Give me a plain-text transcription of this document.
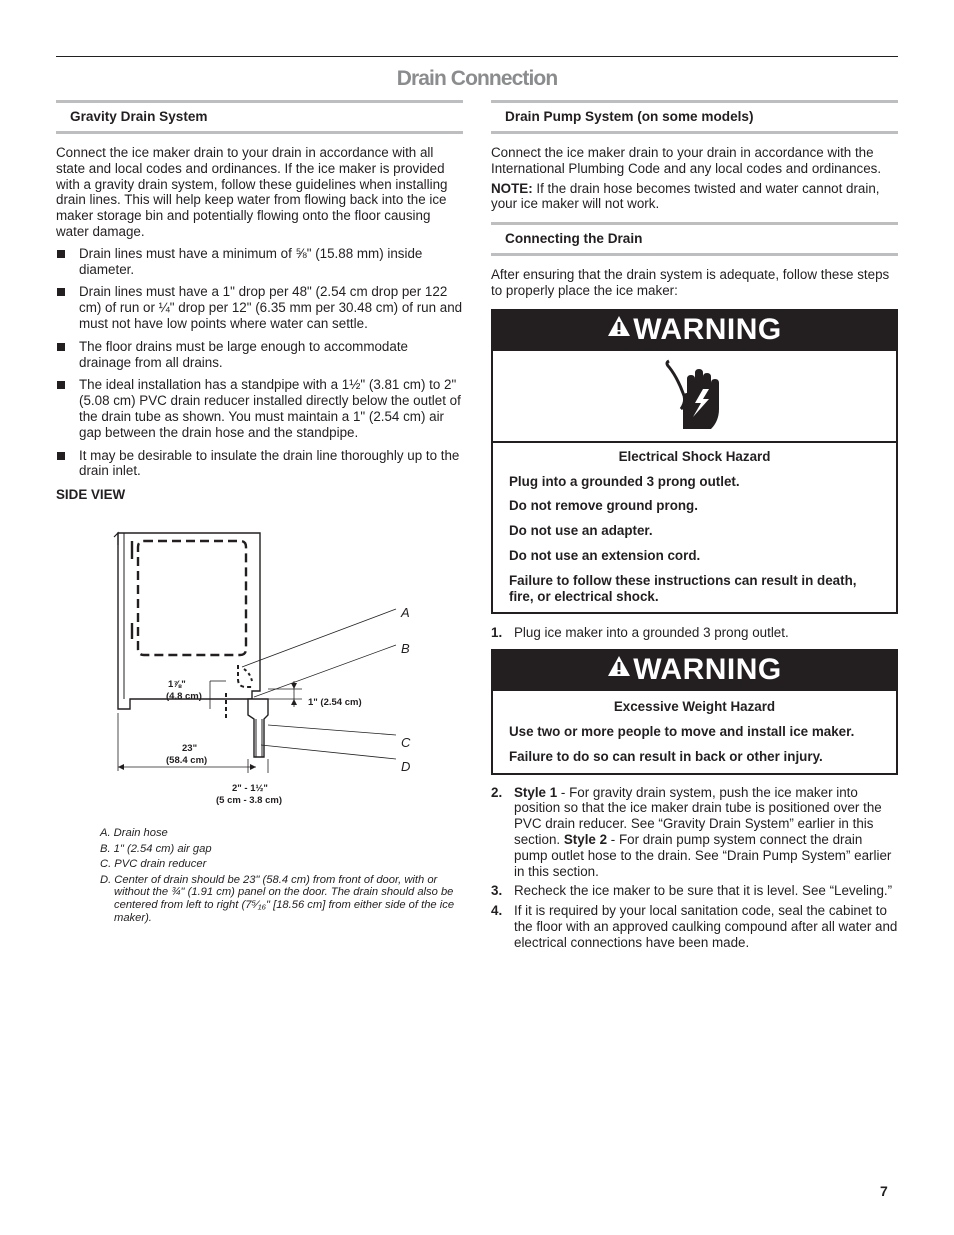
Drain Connection
Gravity Drain System

Connect the ice maker drain to your drain in accordance with all state and local codes and ordinances. If the ice maker is provided with a gravity drain system, follow these guidelines when installing drain lines. This will help keep water from flowing back into the ice maker storage bin and potentially flowing onto the floor causing water damage.

Drain lines must have a minimum of ⅝" (15.88 mm) inside diameter.
Drain lines must have a 1" drop per 48" (2.54 cm drop per 122 cm) of run or ¼" drop per 12" (6.35 mm per 30.48 cm) of run and must not have low points where water can settle.
The floor drains must be large enough to accommodate drainage from all drains.
The ideal installation has a standpipe with a 1½" (3.81 cm) to 2" (5.08 cm) PVC drain reducer installed directly below the outlet of the drain tube as shown. You must maintain a 1" (2.54 cm) air gap between the drain hose and the standpipe.
It may be desirable to insulate the drain line thoroughly up to the drain inlet.
SIDE VIEW
A
B
C
D
1⅞"
(4.8 cm)
1" (2.54 cm)
23"
(58.4 cm)
2" - 1½"
(5 cm - 3.8 cm)
A. Drain hose
B. 1" (2.54 cm) air gap
C. PVC drain reducer
D. Center of drain should be 23" (58.4 cm) from front of door, with or without the ¾" (1.91 cm) panel on the door. The drain should also be centered from left to right (7⁵⁄₁₆" [18.56 cm] from either side of the ice maker).
Drain Pump System (on some models)

Connect the ice maker drain to your drain in accordance with the International Plumbing Code and any local codes and ordinances.

NOTE: If the drain hose becomes twisted and water cannot drain, your ice maker will not work.

Connecting the Drain

After ensuring that the drain system is adequate, follow these steps to properly place the ice maker:

WARNING
Electrical Shock Hazard
Plug into a grounded 3 prong outlet.
Do not remove ground prong.
Do not use an adapter.
Do not use an extension cord.
Failure to follow these instructions can result in death, fire, or electrical shock.
1. Plug ice maker into a grounded 3 prong outlet.
WARNING
Excessive Weight Hazard
Use two or more people to move and install ice maker.
Failure to do so can result in back or other injury.
2. Style 1 - For gravity drain system, push the ice maker into position so that the ice maker drain tube is positioned over the PVC drain reducer. See “Gravity Drain System” earlier in this section. Style 2 - For drain pump system connect the drain pump outlet hose to the drain. See “Drain Pump System” earlier in this section.
3. Recheck the ice maker to be sure that it is level. See “Leveling.”
4. If it is required by your local sanitation code, seal the cabinet to the floor with an approved caulking compound after all water and electrical connections have been made.
7
